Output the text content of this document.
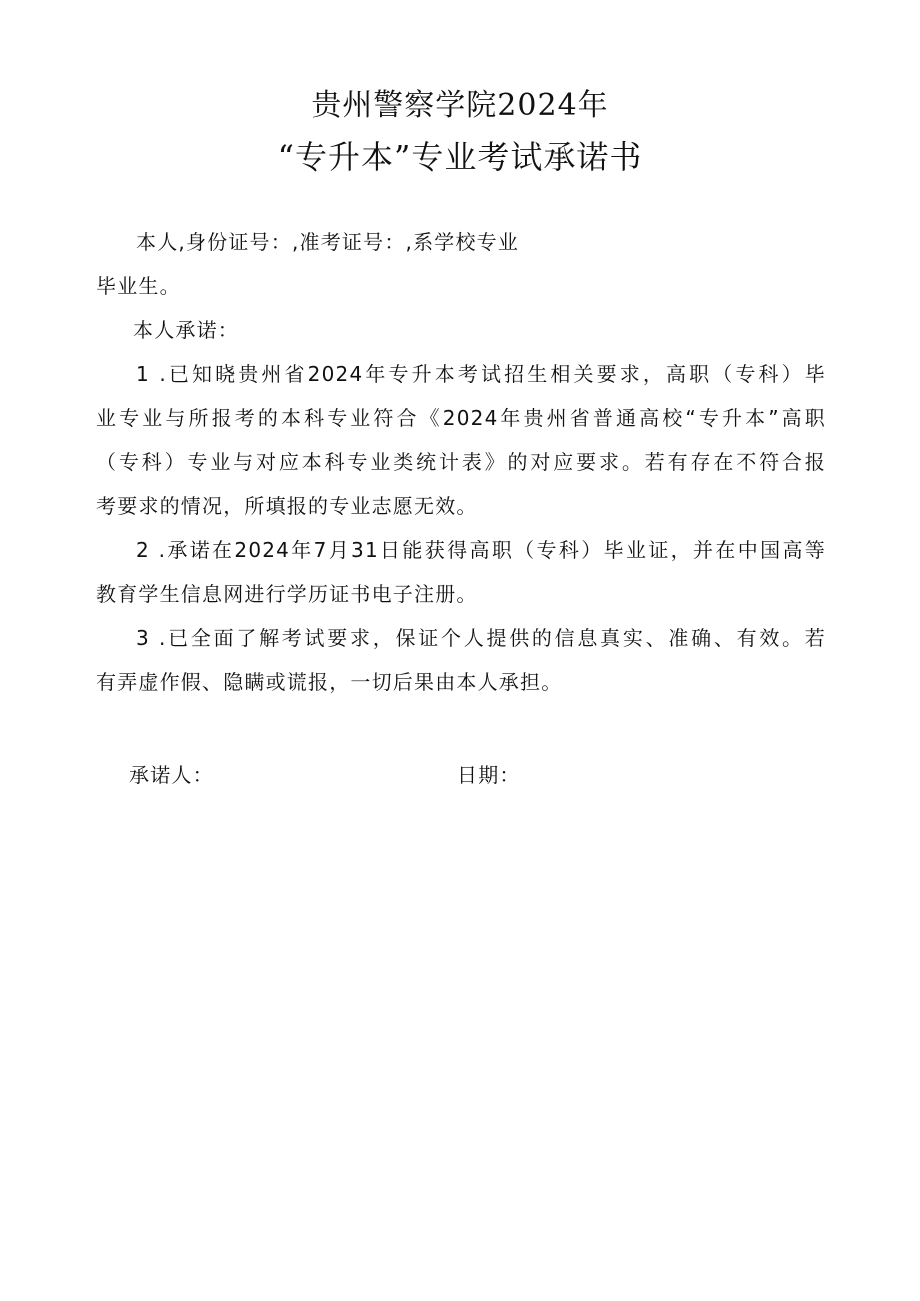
贵州警察学院2024年
“专升本”专业考试承诺书
本人,身份证号：,准考证号：,系学校专业
毕业生。
本人承诺：
1 .已知晓贵州省2024年专升本考试招生相关要求，高职（专科）毕
业专业与所报考的本科专业符合《2024年贵州省普通高校“专升本”高职
（专科）专业与对应本科专业类统计表》的对应要求。若有存在不符合报
考要求的情况，所填报的专业志愿无效。
2 .承诺在2024年7月31日能获得高职（专科）毕业证，并在中国高等
教育学生信息网进行学历证书电子注册。
3 .已全面了解考试要求，保证个人提供的信息真实、准确、有效。若
有弄虚作假、隐瞒或谎报，一切后果由本人承担。
承诺人：	日期：
